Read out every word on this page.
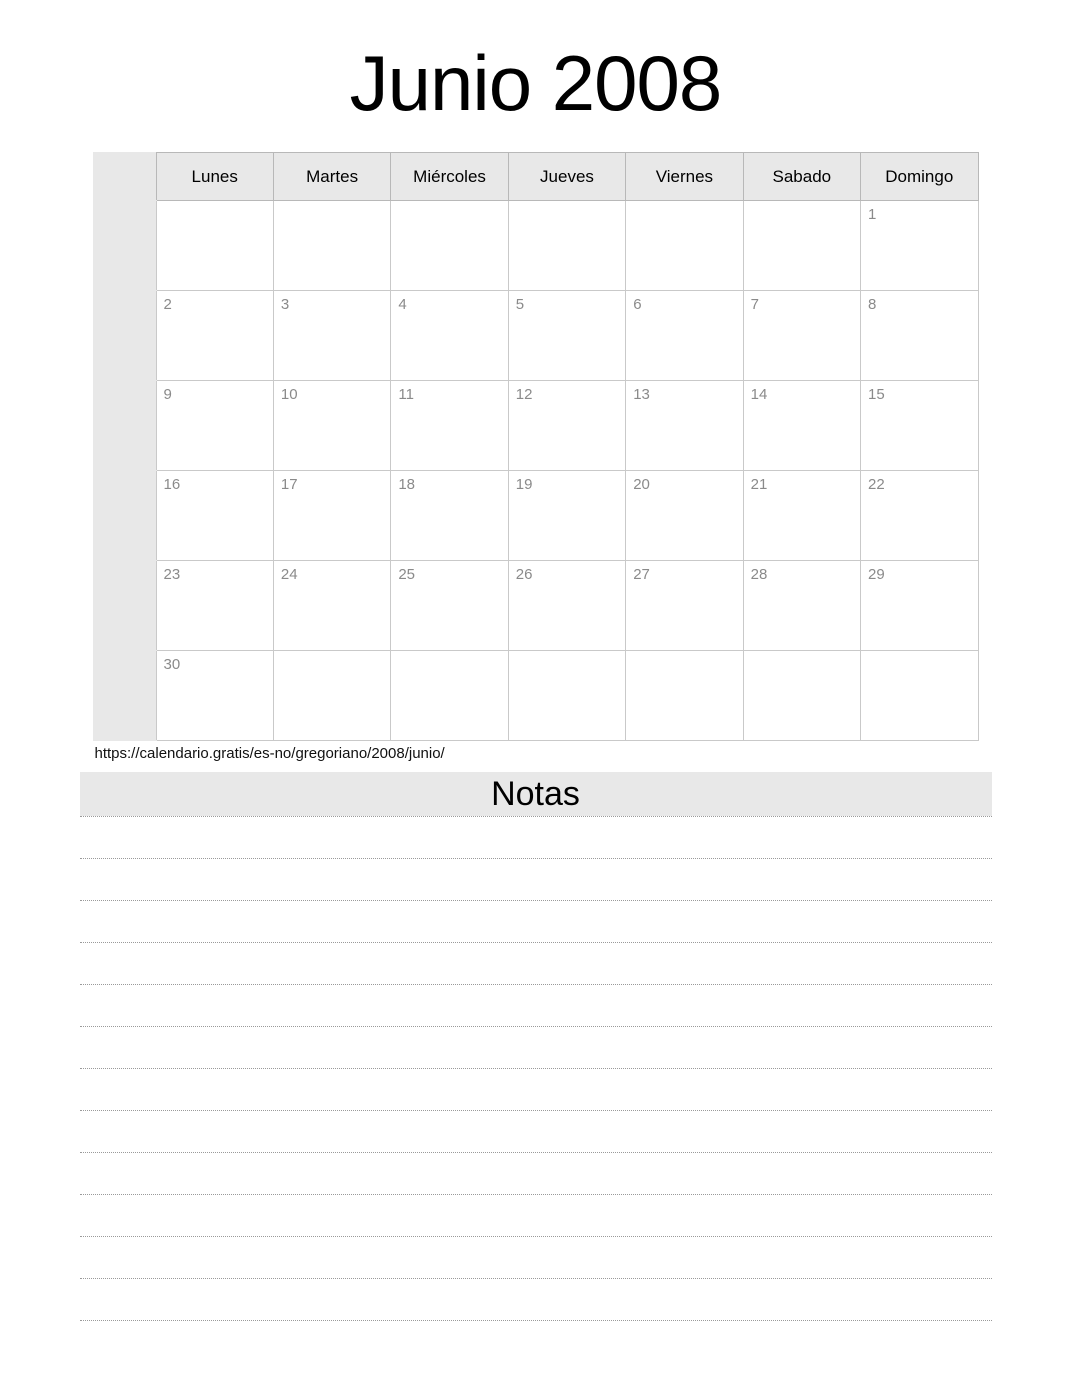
Junio 2008
	Lunes	Martes	Miércoles	Jueves	Viernes	Sabado	Domingo
							1
	2	3	4	5	6	7	8
	9	10	11	12	13	14	15
	16	17	18	19	20	21	22
	23	24	25	26	27	28	29
	30						
https://calendario.gratis/es-no/gregoriano/2008/junio/
Notas
